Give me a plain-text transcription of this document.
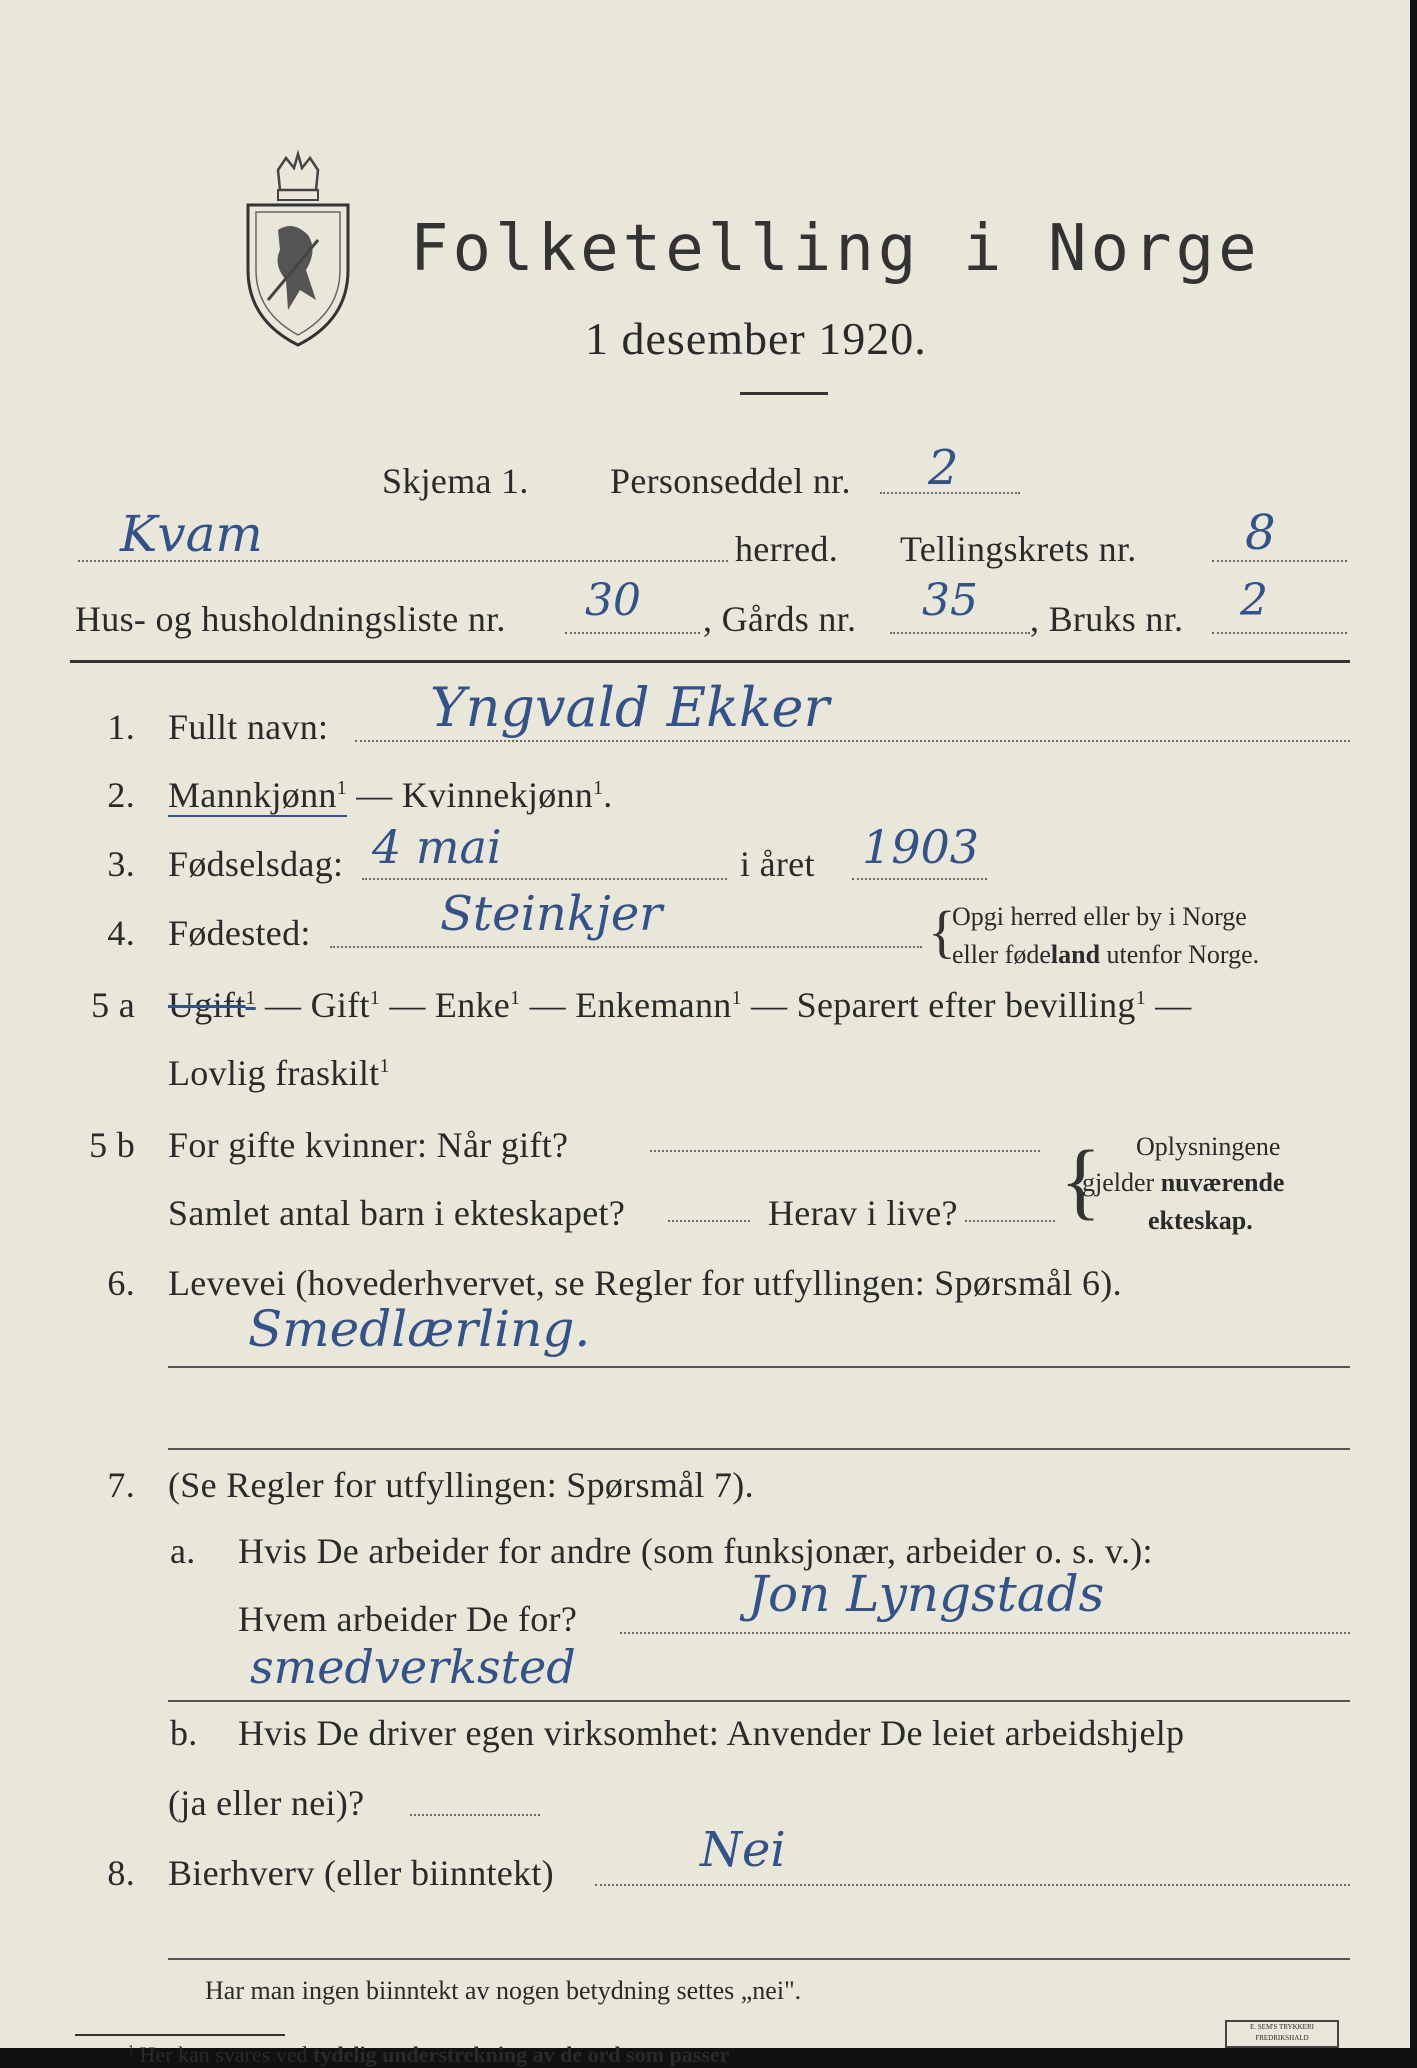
Folketelling i Norge
1 desember 1920.
Skjema 1. Personseddel nr. 2
Kvam	herred. Tellingskrets nr. 8
Hus- og husholdningsliste nr. 30 , Gårds nr. 35 , Bruks nr. 2
1. Fullt navn: Yngvald Ekker
2. Mannkjønn$^1$ — Kvinnekjønn$^1$.
3. Fødselsdag: 4 mai	i året 1903
4. Fødested:	Steinkjer	{
Opgi herred eller by i Norge
eller fødeland utenfor Norge.
5 a Ugift$^1$ — Gift$^1$ — Enke$^1$ — Enkemann$^1$ — Separert efter bevilling$^1$ —
Lovlig fraskilt$^1$
5 b For gifte kvinner: Når gift?
Samlet antal barn i ekteskapet?	Herav i live? { Oplysningene
gjelder nuværende
ekteskap.
6. Levevei (hovederhvervet, se Regler for utfyllingen: Spørsmål 6).
Smedlærling.
7. (Se Regler for utfyllingen: Spørsmål 7).
a. Hvis De arbeider for andre (som funksjonær, arbeider o. s. v.):
Hvem arbeider De for?	Jon Lyngstads
smedverksted
b. Hvis De driver egen virksomhet: Anvender De leiet arbeidshjelp
(ja eller nei)?
8. Bierhverv (eller biinntekt)	Nei
Har man ingen biinntekt av nogen betydning settes „nei".
$^1$ Her kan svares ved tydelig understrekning av de ord som passer
E. SEM'S TRYKKERI FREDRIKSHALD
